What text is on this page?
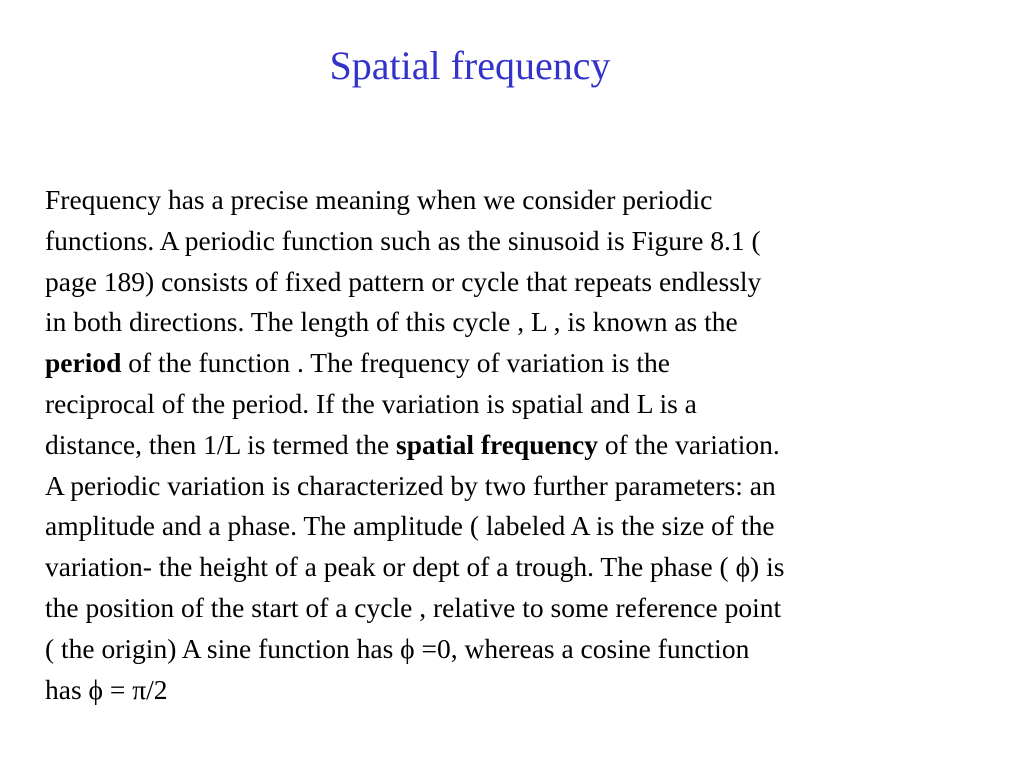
Spatial frequency
Frequency has a precise meaning when we consider periodic
functions. A periodic function such as the sinusoid is Figure 8.1 (
page 189) consists of fixed pattern or cycle that repeats endlessly
in both directions. The length of this cycle , L , is known as the
period of the function . The frequency of variation is the
reciprocal of the period. If the variation is spatial and L is a
distance, then 1/L is termed the spatial frequency of the variation.
A periodic variation is characterized by two further parameters: an
amplitude and a phase. The amplitude ( labeled A is the size of the
variation- the height of a peak or dept of a trough. The phase ( ϕ) is
the position of the start of a cycle , relative to some reference point
( the origin) A sine function has ϕ =0, whereas a cosine function
has ϕ = π/2
